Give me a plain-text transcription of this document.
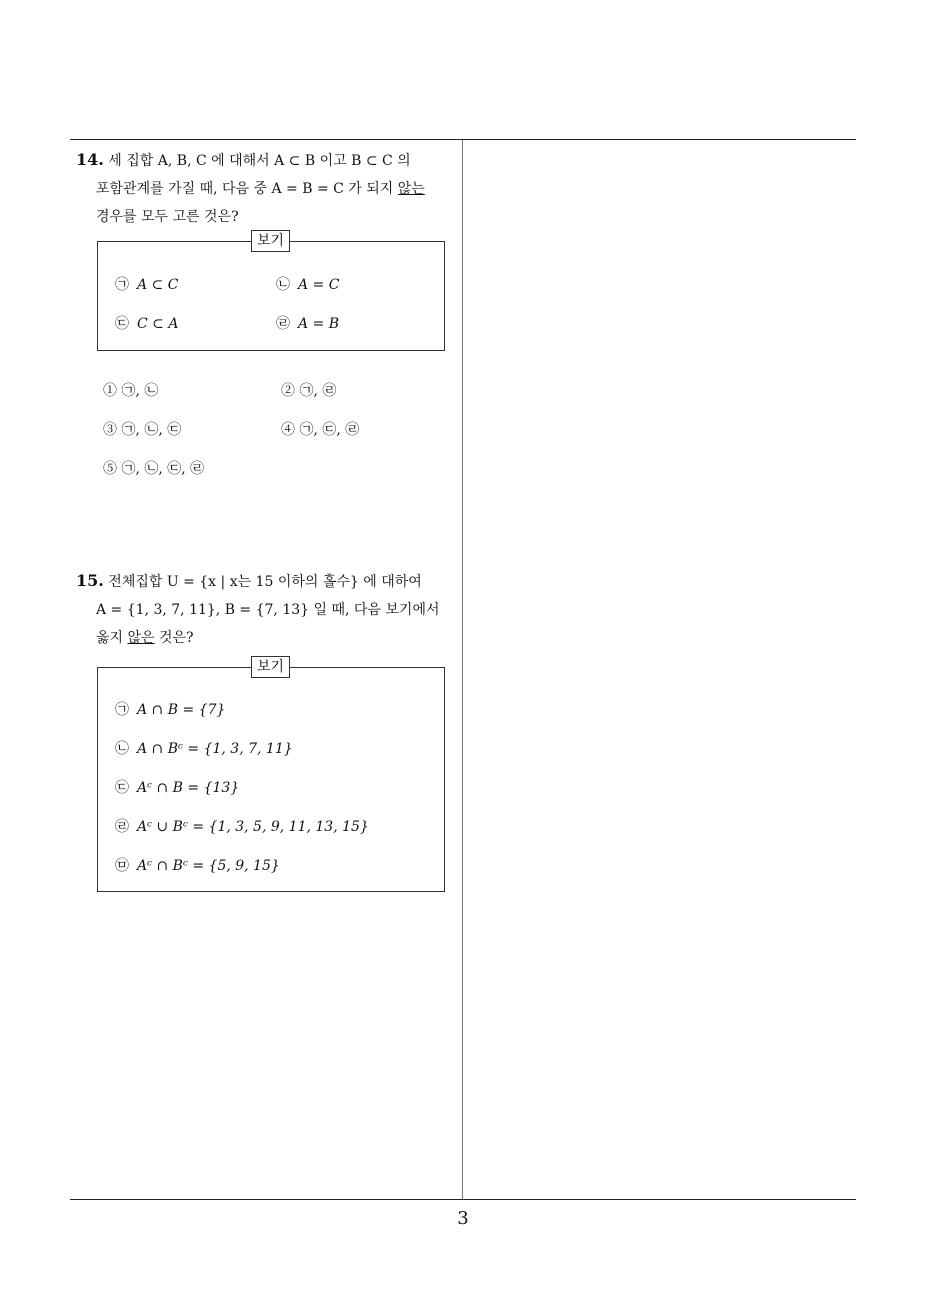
14. 세 집합 A, B, C 에 대해서 A ⊂ B 이고 B ⊂ C 의
포함관계를 가질 때, 다음 중 A = B = C 가 되지 않는
경우를 모두 고른 것은?
보기
㉠ A ⊂ C	㉡ A = C
㉢ C ⊂ A	㉣ A = B
① ㉠, ㉡	② ㉠, ㉣
③ ㉠, ㉡, ㉢	④ ㉠, ㉢, ㉣
⑤ ㉠, ㉡, ㉢, ㉣
15. 전체집합 U = {x | x는 15 이하의 홀수} 에 대하여
A = {1, 3, 7, 11}, B = {7, 13} 일 때, 다음 보기에서
옳지 않은 것은?
보기
㉠ A ∩ B = {7}
㉡ A ∩ Bᶜ = {1, 3, 7, 11}
㉢ Aᶜ ∩ B = {13}
㉣ Aᶜ ∪ Bᶜ = {1, 3, 5, 9, 11, 13, 15}
㉤ Aᶜ ∩ Bᶜ = {5, 9, 15}
3
